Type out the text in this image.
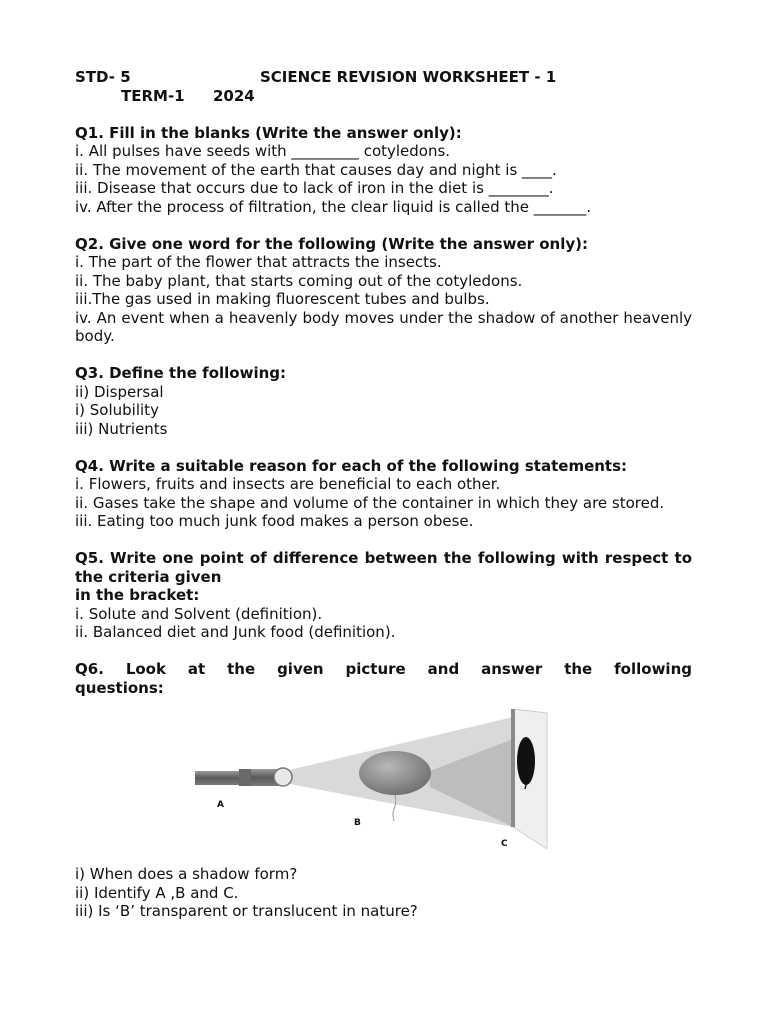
STD- 5	SCIENCE REVISION WORKSHEET - 1
TERM-1 2024
Q1. Fill in the blanks (Write the answer only):
i. All pulses have seeds with _________ cotyledons.
ii. The movement of the earth that causes day and night is ____.
iii. Disease that occurs due to lack of iron in the diet is ________.
iv. After the process of filtration, the clear liquid is called the _______.
Q2. Give one word for the following (Write the answer only):
i. The part of the flower that attracts the insects.
ii. The baby plant, that starts coming out of the cotyledons.
iii.The gas used in making fluorescent tubes and bulbs.
iv. An event when a heavenly body moves under the shadow of another heavenly body.
Q3. Define the following:
ii) Dispersal
i) Solubility
iii) Nutrients
Q4. Write a suitable reason for each of the following statements:
i. Flowers, fruits and insects are beneficial to each other.
ii. Gases take the shape and volume of the container in which they are stored.
iii. Eating too much junk food makes a person obese.
Q5. Write one point of difference between the following with respect to the criteria given
in the bracket:
i. Solute and Solvent (definition).
ii. Balanced diet and Junk food (definition).
Q6. Look at the given picture and answer the following
questions:
A
B
C
i) When does a shadow form?
ii) Identify A ,B and C.
iii) Is ‘B’ transparent or translucent in nature?
